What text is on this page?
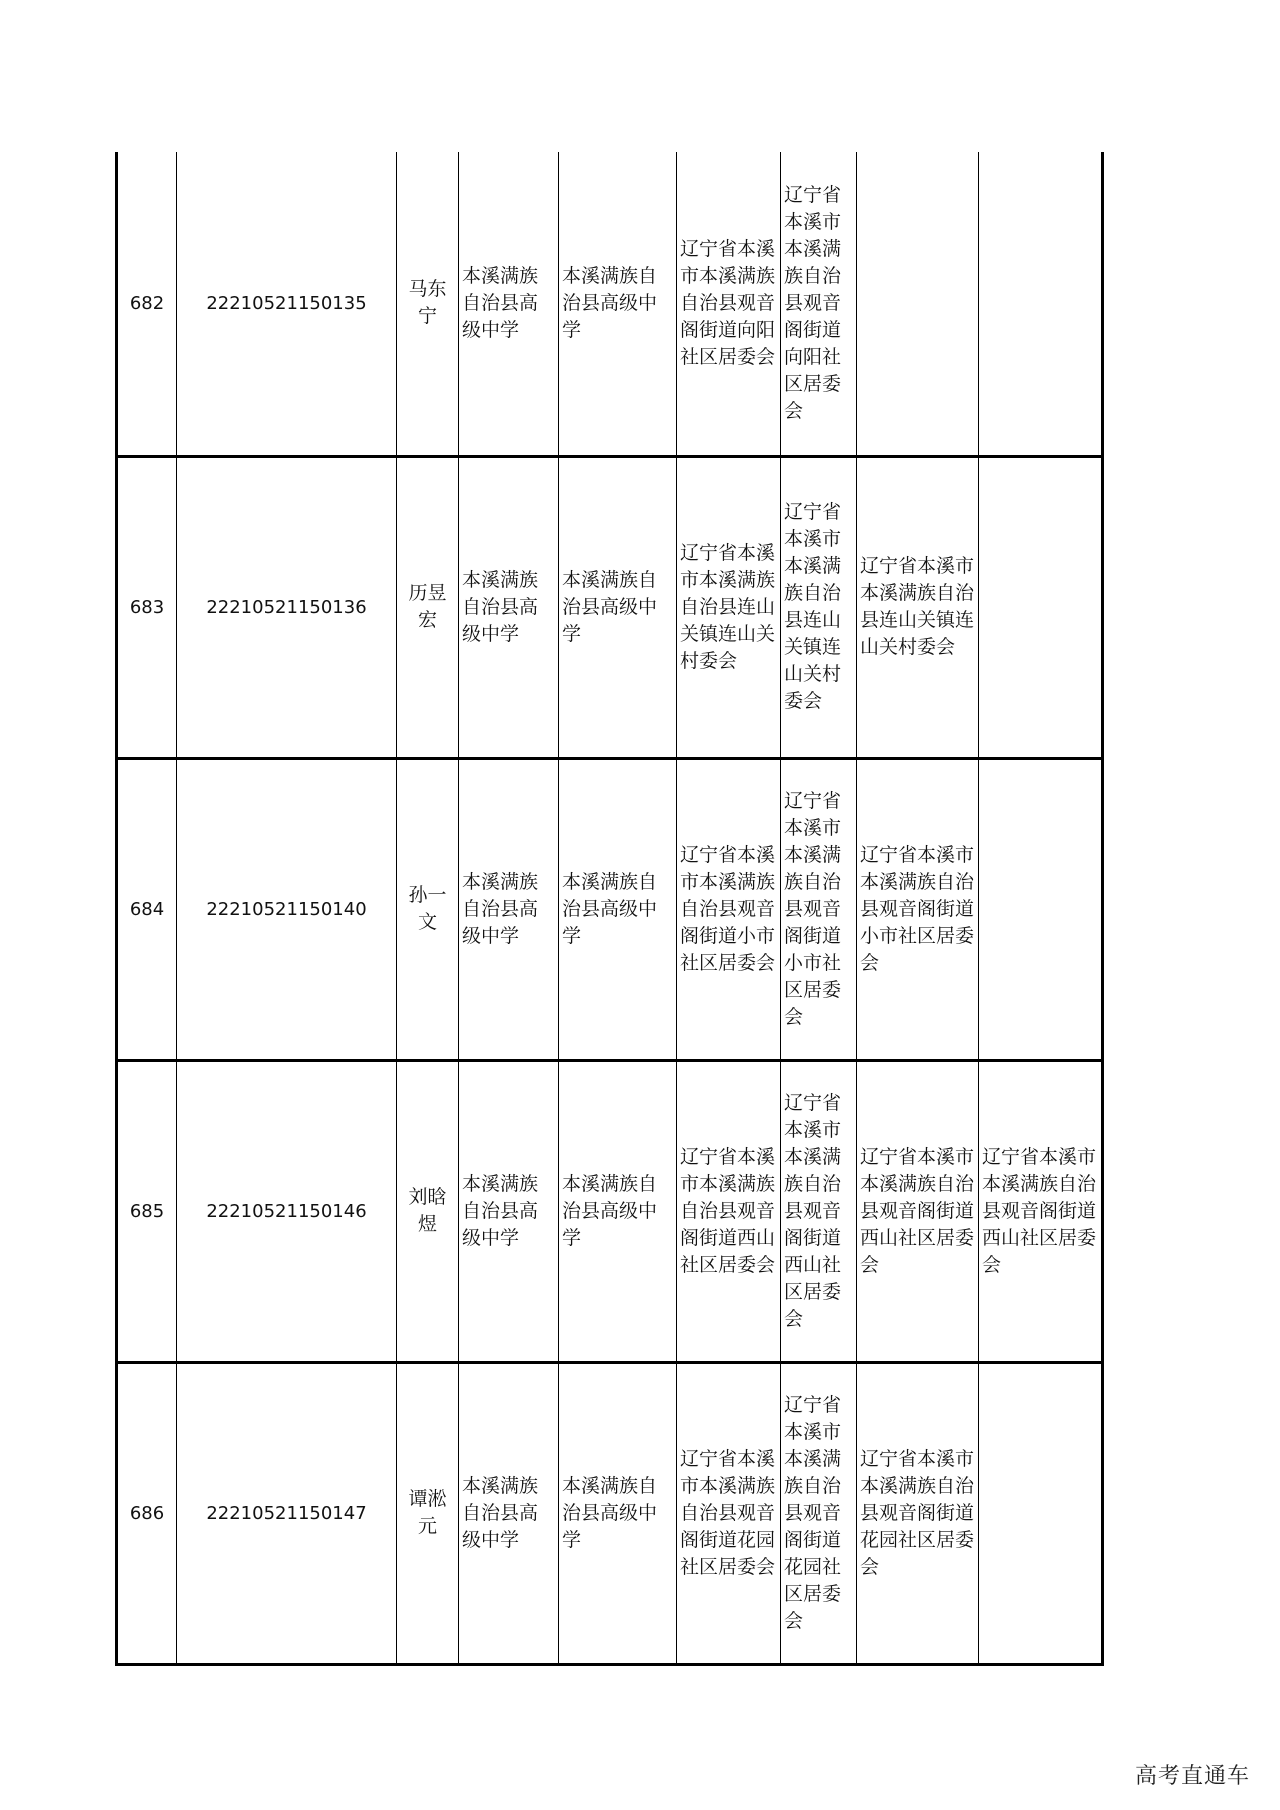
682	22210521150135	马东宁	本溪满族自治县高级中学	本溪满族自治县高级中学	辽宁省本溪市本溪满族自治县观音阁街道向阳社区居委会	辽宁省本溪市本溪满族自治县观音阁街道向阳社区居委会		
683	22210521150136	历昱宏	本溪满族自治县高级中学	本溪满族自治县高级中学	辽宁省本溪市本溪满族自治县连山关镇连山关村委会	辽宁省本溪市本溪满族自治县连山关镇连山关村委会	辽宁省本溪市本溪满族自治县连山关镇连山关村委会	
684	22210521150140	孙一文	本溪满族自治县高级中学	本溪满族自治县高级中学	辽宁省本溪市本溪满族自治县观音阁街道小市社区居委会	辽宁省本溪市本溪满族自治县观音阁街道小市社区居委会	辽宁省本溪市本溪满族自治县观音阁街道小市社区居委会	
685	22210521150146	刘晗煜	本溪满族自治县高级中学	本溪满族自治县高级中学	辽宁省本溪市本溪满族自治县观音阁街道西山社区居委会	辽宁省本溪市本溪满族自治县观音阁街道西山社区居委会	辽宁省本溪市本溪满族自治县观音阁街道西山社区居委会	辽宁省本溪市本溪满族自治县观音阁街道西山社区居委会
686	22210521150147	谭淞元	本溪满族自治县高级中学	本溪满族自治县高级中学	辽宁省本溪市本溪满族自治县观音阁街道花园社区居委会	辽宁省本溪市本溪满族自治县观音阁街道花园社区居委会	辽宁省本溪市本溪满族自治县观音阁街道花园社区居委会	
高考直通车
